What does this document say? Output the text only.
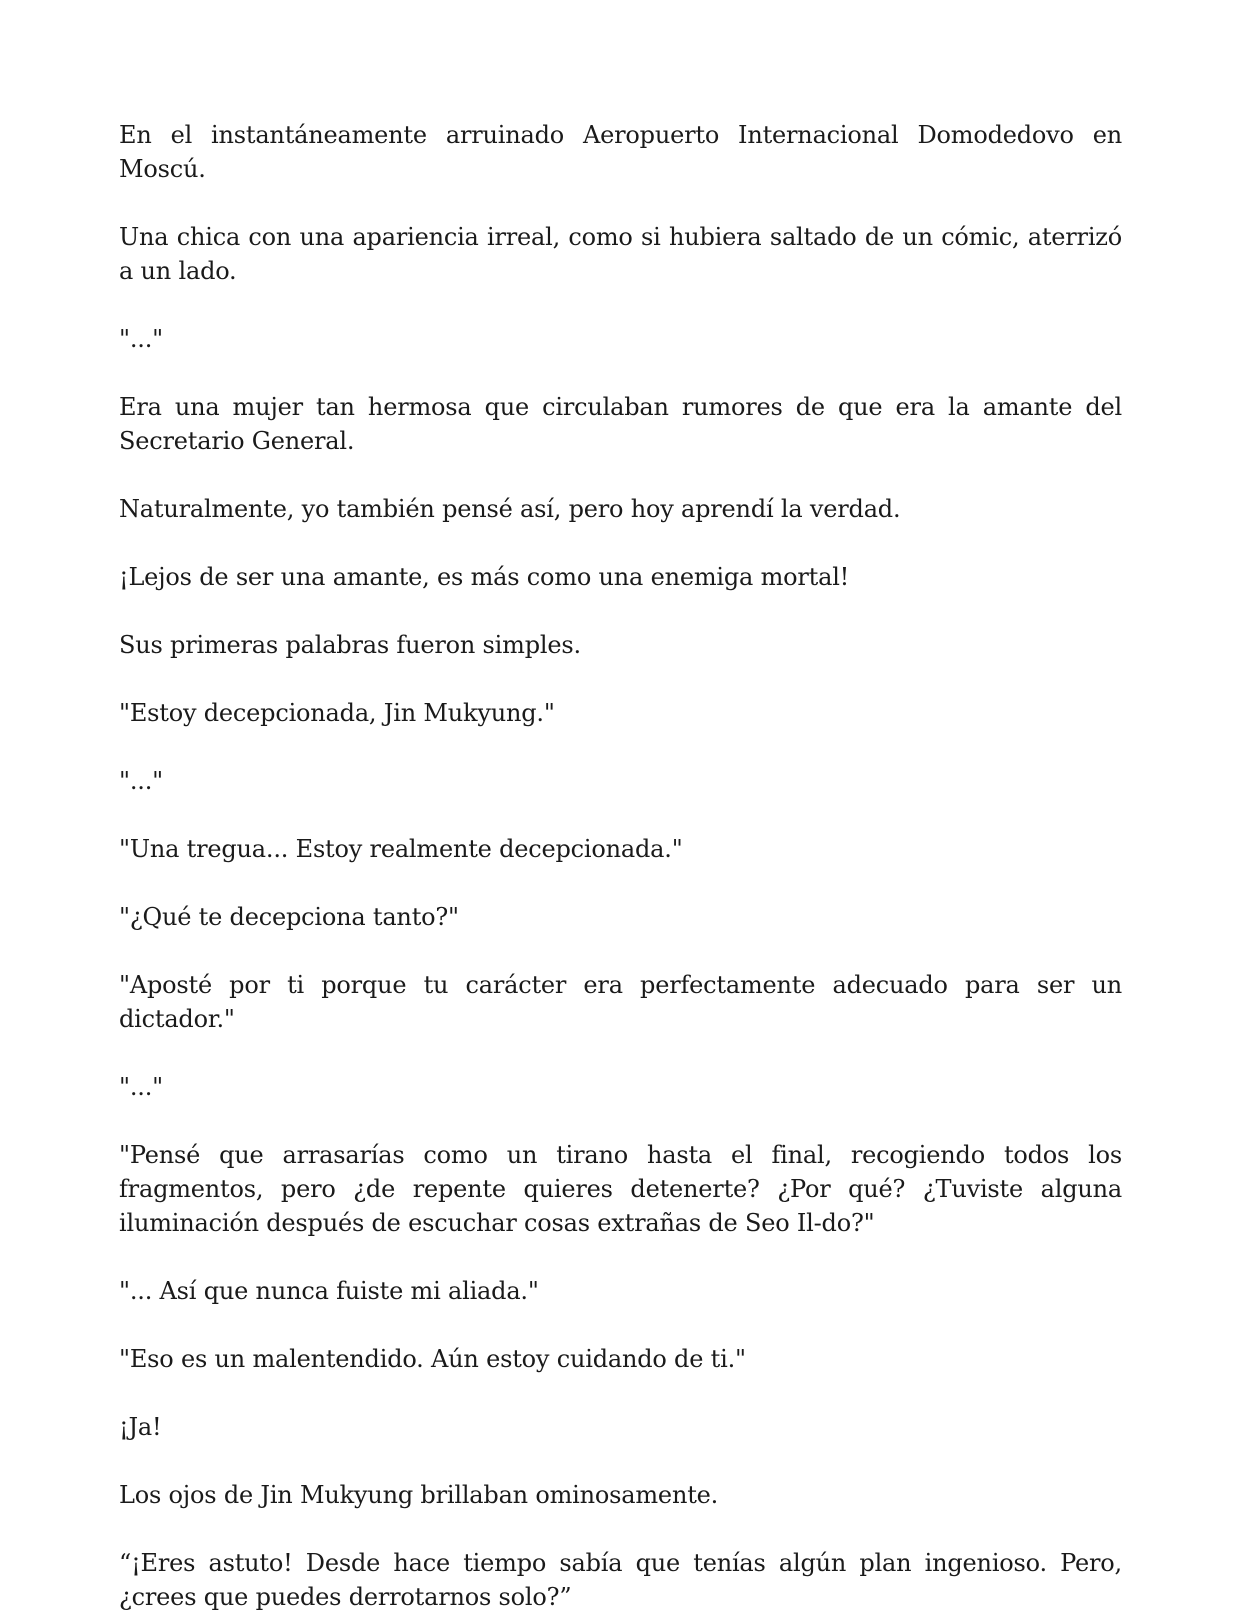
En el instantáneamente arruinado Aeropuerto Internacional Domodedovo en Moscú.

Una chica con una apariencia irreal, como si hubiera saltado de un cómic, aterrizó a un lado.

"..."

Era una mujer tan hermosa que circulaban rumores de que era la amante del Secretario General.

Naturalmente, yo también pensé así, pero hoy aprendí la verdad.

¡Lejos de ser una amante, es más como una enemiga mortal!

Sus primeras palabras fueron simples.

"Estoy decepcionada, Jin Mukyung."

"..."

"Una tregua... Estoy realmente decepcionada."

"¿Qué te decepciona tanto?"

"Aposté por ti porque tu carácter era perfectamente adecuado para ser un dictador."

"..."

"Pensé que arrasarías como un tirano hasta el final, recogiendo todos los fragmentos, pero ¿de repente quieres detenerte? ¿Por qué? ¿Tuviste alguna iluminación después de escuchar cosas extrañas de Seo Il-do?"

"... Así que nunca fuiste mi aliada."

"Eso es un malentendido. Aún estoy cuidando de ti."

¡Ja!

Los ojos de Jin Mukyung brillaban ominosamente.

“¡Eres astuto! Desde hace tiempo sabía que tenías algún plan ingenioso. Pero, ¿crees que puedes derrotarnos solo?”
